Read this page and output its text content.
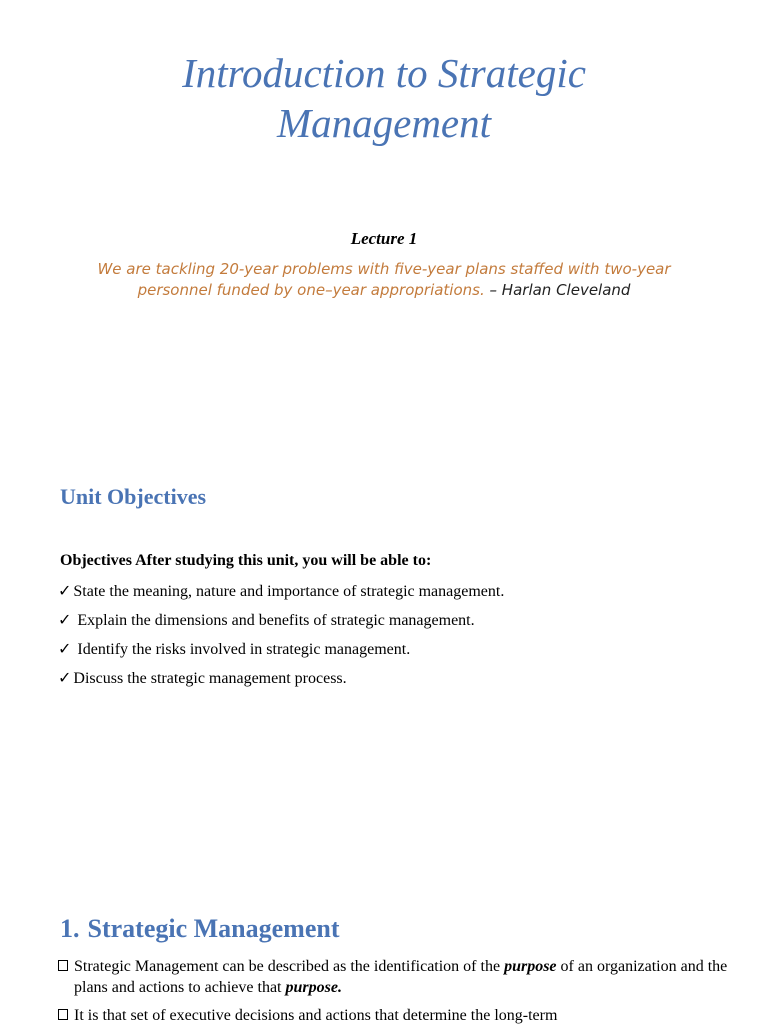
Introduction to Strategic
Management

Lecture 1

We are tackling 20-year problems with five-year plans staffed with two-year personnel funded by one–year appropriations. – Harlan Cleveland

Unit Objectives

Objectives After studying this unit, you will be able to:

✓ State the meaning, nature and importance of strategic management.
✓ Explain the dimensions and benefits of strategic management.
✓ Identify the risks involved in strategic management.
✓ Discuss the strategic management process.
1. Strategic Management
Strategic Management can be described as the identification of the purpose of an organization and the plans and actions to achieve that purpose.
It is that set of executive decisions and actions that determine the long-term
